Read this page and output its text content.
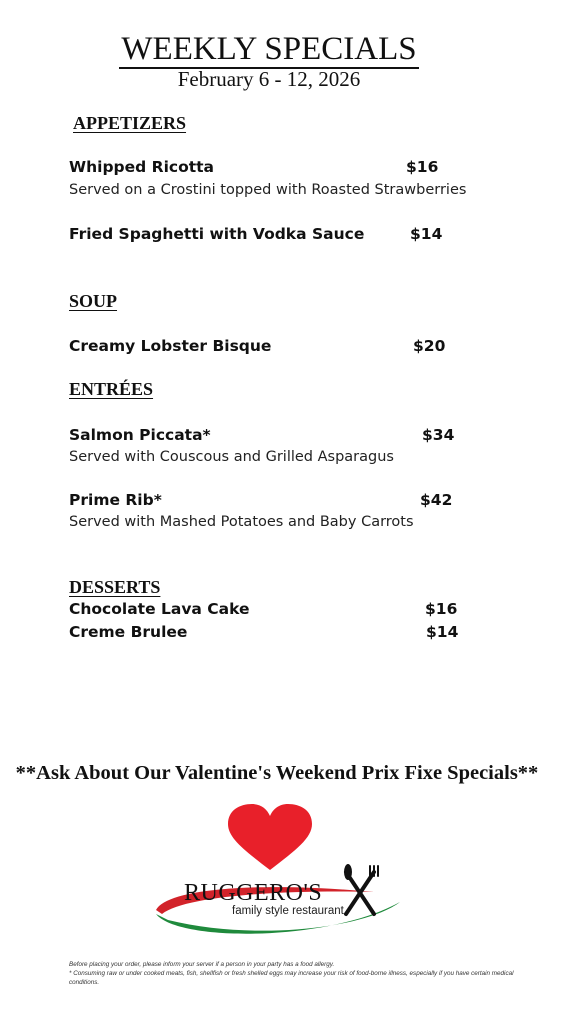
WEEKLY SPECIALS
February 6 - 12, 2026
APPETIZERS
Whipped Ricotta	$16
Served on a Crostini topped with Roasted Strawberries
Fried Spaghetti with Vodka Sauce	$14
SOUP
Creamy Lobster Bisque	$20
ENTRÉES
Salmon Piccata*	$34
Served with Couscous and Grilled Asparagus
Prime Rib*	$42
Served with Mashed Potatoes and Baby Carrots
DESSERTS
Chocolate Lava Cake	$16
Creme Brulee	$14
**Ask About Our Valentine's Weekend Prix Fixe Specials**
RUGGERO'S
family style restaurant
Before placing your order, please inform your server if a person in your party has a food allergy.
* Consuming raw or under cooked meats, fish, shellfish or fresh shelled eggs may increase your risk of food-borne illness, especially if you have certain medical conditions.
